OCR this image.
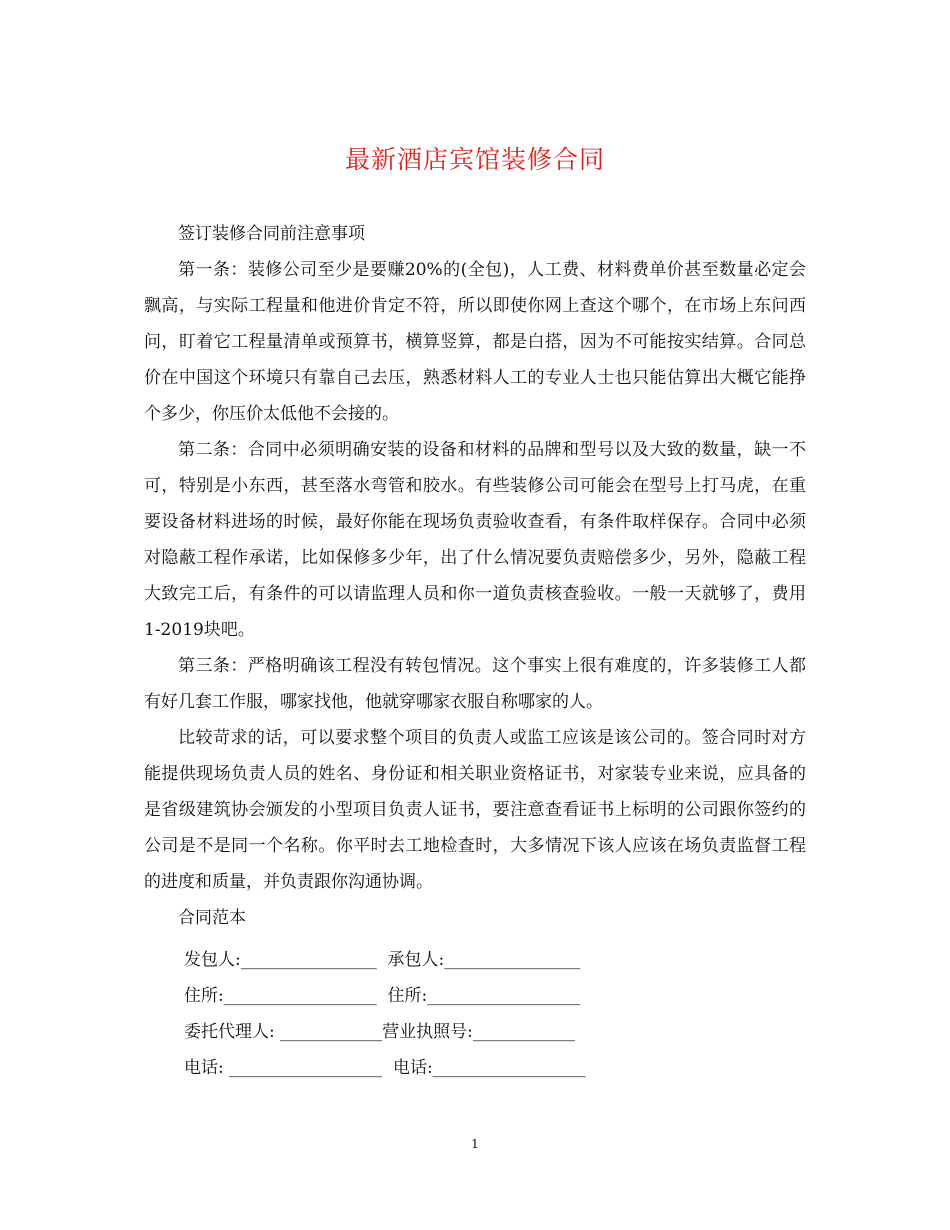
最新酒店宾馆装修合同

签订装修合同前注意事项

第一条：装修公司至少是要赚20%的(全包)，人工费、材料费单价甚至数量必定会飘高，与实际工程量和他进价肯定不符，所以即使你网上查这个哪个，在市场上东问西问，盯着它工程量清单或预算书，横算竖算，都是白搭，因为不可能按实结算。合同总价在中国这个环境只有靠自己去压，熟悉材料人工的专业人士也只能估算出大概它能挣个多少，你压价太低他不会接的。

第二条：合同中必须明确安装的设备和材料的品牌和型号以及大致的数量，缺一不可，特别是小东西，甚至落水弯管和胶水。有些装修公司可能会在型号上打马虎，在重要设备材料进场的时候，最好你能在现场负责验收查看，有条件取样保存。合同中必须对隐蔽工程作承诺，比如保修多少年，出了什么情况要负责赔偿多少，另外，隐蔽工程大致完工后，有条件的可以请监理人员和你一道负责核查验收。一般一天就够了，费用1-2019块吧。

第三条：严格明确该工程没有转包情况。这个事实上很有难度的，许多装修工人都有好几套工作服，哪家找他，他就穿哪家衣服自称哪家的人。

比较苛求的话，可以要求整个项目的负责人或监工应该是该公司的。签合同时对方能提供现场负责人员的姓名、身份证和相关职业资格证书，对家装专业来说，应具备的是省级建筑协会颁发的小型项目负责人证书，要注意查看证书上标明的公司跟你签约的公司是不是同一个名称。你平时去工地检查时，大多情况下该人应该在场负责监督工程的进度和质量，并负责跟你沟通协调。

合同范本

发包人:________________  承包人:________________
住所:__________________  住所:__________________
委托代理人: ____________营业执照号:____________
电话: __________________  电话:__________________
1
